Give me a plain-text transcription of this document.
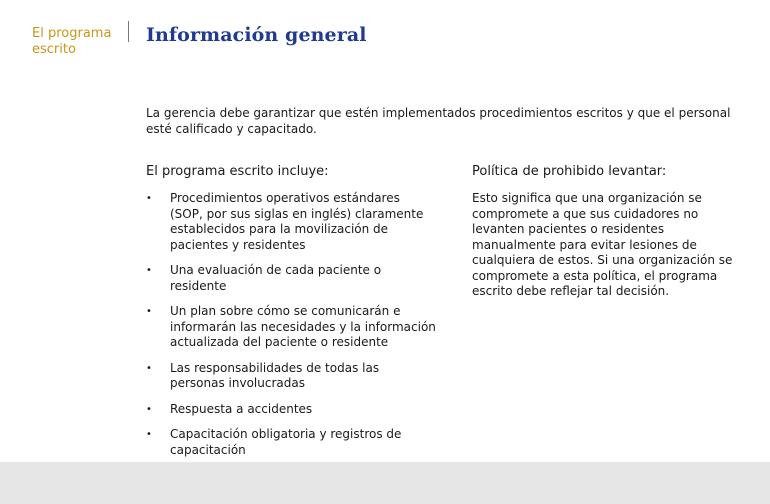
El programa escrito
Información general

La gerencia debe garantizar que estén implementados procedimientos escritos y que el personal esté calificado y capacitado.

El programa escrito incluye:
• Procedimientos operativos estándares (SOP, por sus siglas en inglés) claramente establecidos para la movilización de pacientes y residentes
• Una evaluación de cada paciente o residente
• Un plan sobre cómo se comunicarán e informarán las necesidades y la información actualizada del paciente o residente
• Las responsabilidades de todas las personas involucradas
• Respuesta a accidentes
• Capacitación obligatoria y registros de capacitación
Política de prohibido levantar:

Esto significa que una organización se compromete a que sus cuidadores no levanten pacientes o residentes manualmente para evitar lesiones de cualquiera de estos. Si una organización se compromete a esta política, el programa escrito debe reflejar tal decisión.
